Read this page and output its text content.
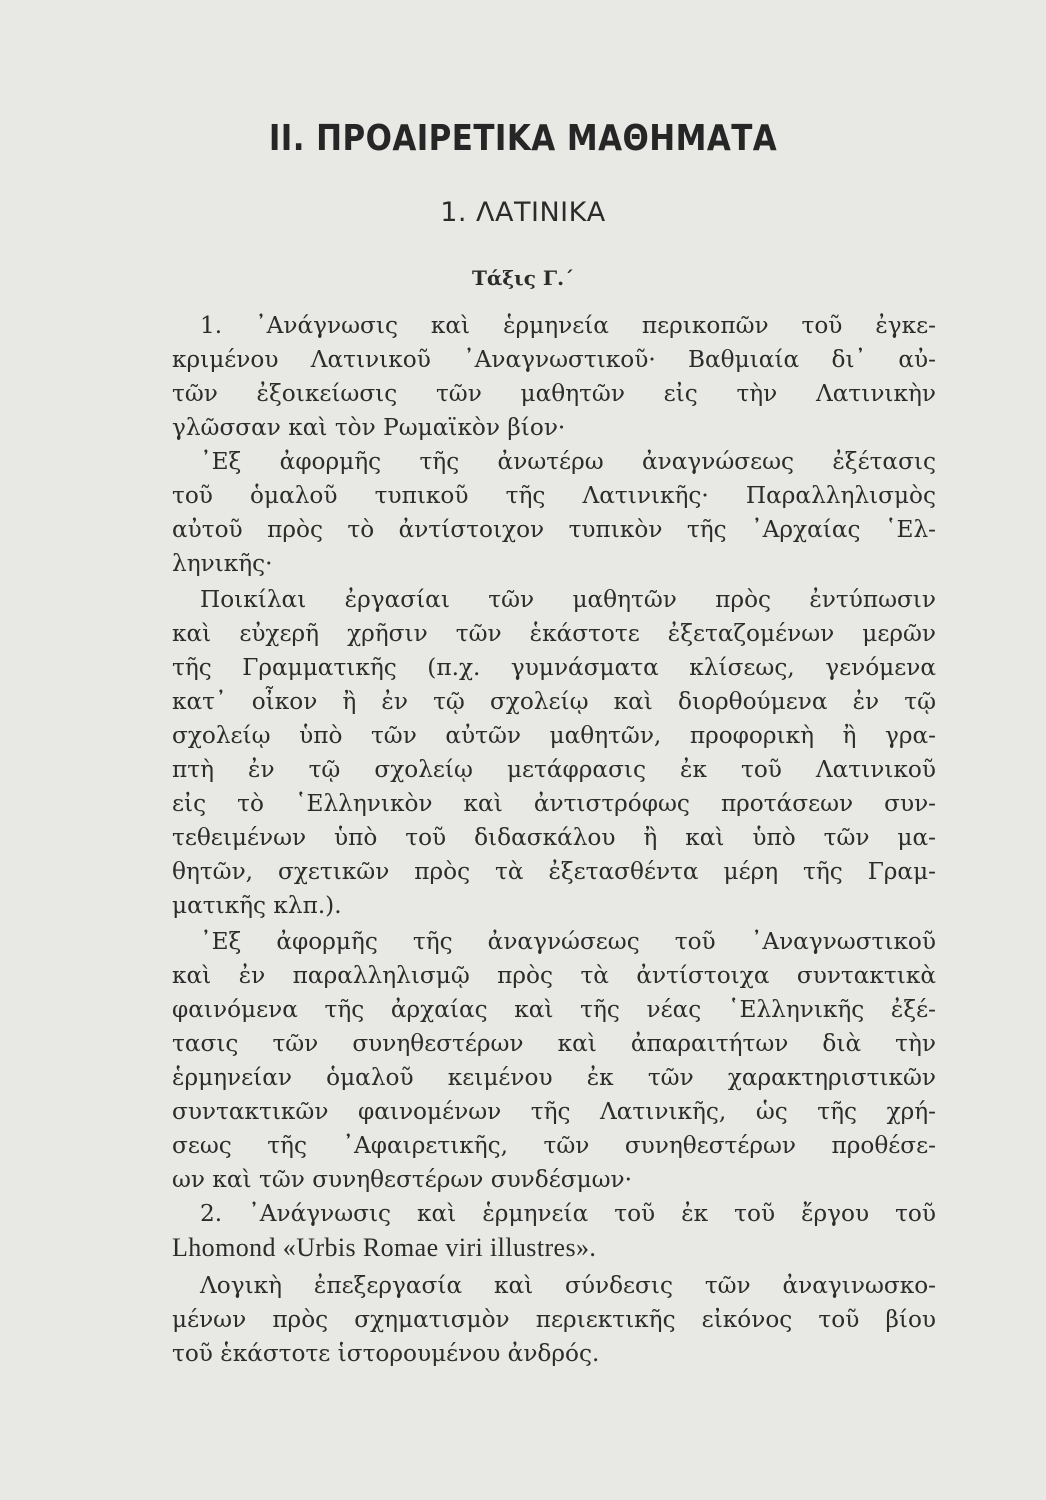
II. ΠΡΟΑΙΡΕΤΙΚΑ ΜΑΘΗΜΑΤΑ
1. ΛΑΤΙΝΙΚΑ
Τάξις Γ.΄
1. ᾿Ανάγνωσις καὶ ἑρμηνεία περικοπῶν τοῦ ἐγκε-
κριμένου Λατινικοῦ ᾿Αναγνωστικοῦ· Βαθμιαία δι᾿ αὐ-
τῶν ἐξοικείωσις τῶν μαθητῶν εἰς τὴν Λατινικὴν
γλῶσσαν καὶ τὸν Ρωμαϊκὸν βίον·
᾿Εξ ἀφορμῆς τῆς ἀνωτέρω ἀναγνώσεως ἐξέτασις
τοῦ ὁμαλοῦ τυπικοῦ τῆς Λατινικῆς· Παραλληλισμὸς
αὐτοῦ πρὸς τὸ ἀντίστοιχον τυπικὸν τῆς ᾿Αρχαίας ῾Ελ-
ληνικῆς·
Ποικίλαι ἐργασίαι τῶν μαθητῶν πρὸς ἐντύπωσιν
καὶ εὐχερῆ χρῆσιν τῶν ἑκάστοτε ἐξεταζομένων μερῶν
τῆς Γραμματικῆς (π.χ. γυμνάσματα κλίσεως, γενόμενα
κατ᾿ οἶκον ἢ ἐν τῷ σχολείῳ καὶ διορθούμενα ἐν τῷ
σχολείῳ ὑπὸ τῶν αὐτῶν μαθητῶν, προφορικὴ ἢ γρα-
πτὴ ἐν τῷ σχολείῳ μετάφρασις ἐκ τοῦ Λατινικοῦ
εἰς τὸ ῾Ελληνικὸν καὶ ἀντιστρόφως προτάσεων συν-
τεθειμένων ὑπὸ τοῦ διδασκάλου ἢ καὶ ὑπὸ τῶν μα-
θητῶν, σχετικῶν πρὸς τὰ ἐξετασθέντα μέρη τῆς Γραμ-
ματικῆς κλπ.).
᾿Εξ ἀφορμῆς τῆς ἀναγνώσεως τοῦ ᾿Αναγνωστικοῦ
καὶ ἐν παραλληλισμῷ πρὸς τὰ ἀντίστοιχα συντακτικὰ
φαινόμενα τῆς ἀρχαίας καὶ τῆς νέας ῾Ελληνικῆς ἐξέ-
τασις τῶν συνηθεστέρων καὶ ἀπαραιτήτων διὰ τὴν
ἑρμηνείαν ὁμαλοῦ κειμένου ἐκ τῶν χαρακτηριστικῶν
συντακτικῶν φαινομένων τῆς Λατινικῆς, ὡς τῆς χρή-
σεως τῆς ᾿Αφαιρετικῆς, τῶν συνηθεστέρων προθέσε-
ων καὶ τῶν συνηθεστέρων συνδέσμων·
2. ᾿Ανάγνωσις καὶ ἑρμηνεία τοῦ ἐκ τοῦ ἔργου τοῦ
Lhomond «Urbis Romae viri illustres».
Λογικὴ ἐπεξεργασία καὶ σύνδεσις τῶν ἀναγινωσκο-
μένων πρὸς σχηματισμὸν περιεκτικῆς εἰκόνος τοῦ βίου
τοῦ ἑκάστοτε ἱστορουμένου ἀνδρός.
